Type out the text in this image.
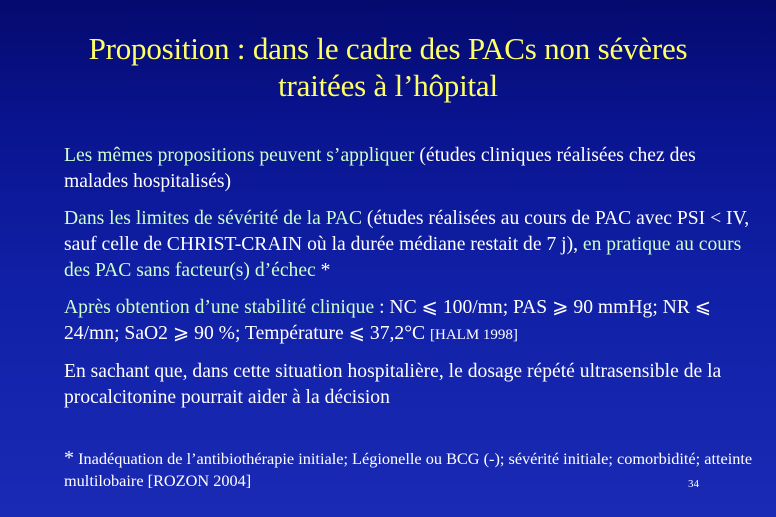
Proposition : dans le cadre des PACs non sévères
traitées à l’hôpital

Les mêmes propositions peuvent s’appliquer (études cliniques réalisées chez des malades hospitalisés)

Dans les limites de sévérité de la PAC (études réalisées au cours de PAC avec PSI < IV, sauf celle de CHRIST-CRAIN où la durée médiane restait de 7 j), en pratique au cours des PAC sans facteur(s) d’échec *

Après obtention d’une stabilité clinique : NC ⩽ 100/mn; PAS ⩾ 90 mmHg; NR ⩽ 24/mn; SaO2 ⩾ 90 %; Température ⩽ 37,2°C [HALM 1998]

En sachant que, dans cette situation hospitalière, le dosage répété ultrasensible de la procalcitonine pourrait aider à la décision

* Inadéquation de l’antibiothérapie initiale; Légionelle ou BCG (-); sévérité initiale; comorbidité; atteinte multilobaire [ROZON 2004]	34
